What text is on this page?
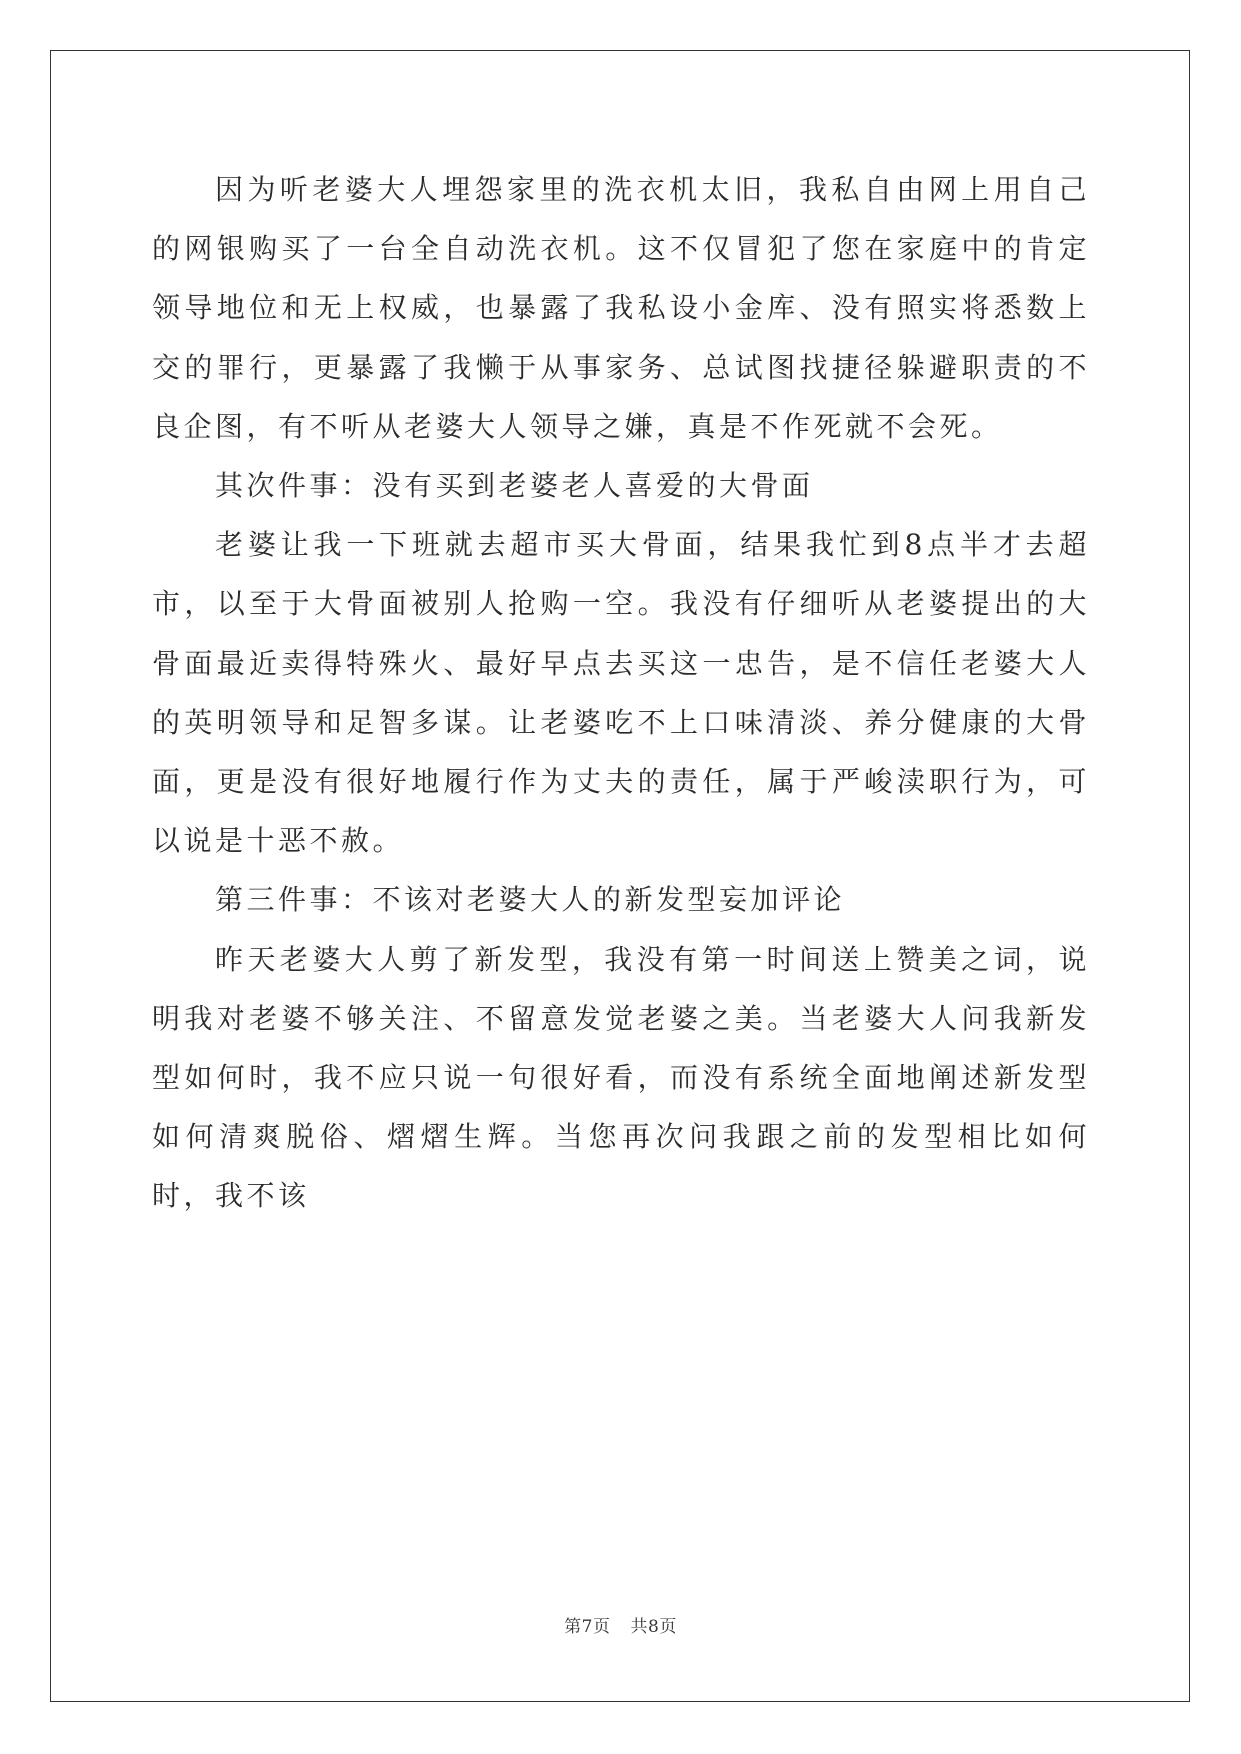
因为听老婆大人埋怨家里的洗衣机太旧，我私自由网上用自己的网银购买了一台全自动洗衣机。这不仅冒犯了您在家庭中的肯定领导地位和无上权威，也暴露了我私设小金库、没有照实将悉数上交的罪行，更暴露了我懒于从事家务、总试图找捷径躲避职责的不良企图，有不听从老婆大人领导之嫌，真是不作死就不会死。

其次件事：没有买到老婆老人喜爱的大骨面

老婆让我一下班就去超市买大骨面，结果我忙到8点半才去超市，以至于大骨面被别人抢购一空。我没有仔细听从老婆提出的大骨面最近卖得特殊火、最好早点去买这一忠告，是不信任老婆大人的英明领导和足智多谋。让老婆吃不上口味清淡、养分健康的大骨面，更是没有很好地履行作为丈夫的责任，属于严峻渎职行为，可以说是十恶不赦。

第三件事：不该对老婆大人的新发型妄加评论

昨天老婆大人剪了新发型，我没有第一时间送上赞美之词，说明我对老婆不够关注、不留意发觉老婆之美。当老婆大人问我新发型如何时，我不应只说一句很好看，而没有系统全面地阐述新发型如何清爽脱俗、熠熠生辉。当您再次问我跟之前的发型相比如何时，我不该

第7页 共8页
